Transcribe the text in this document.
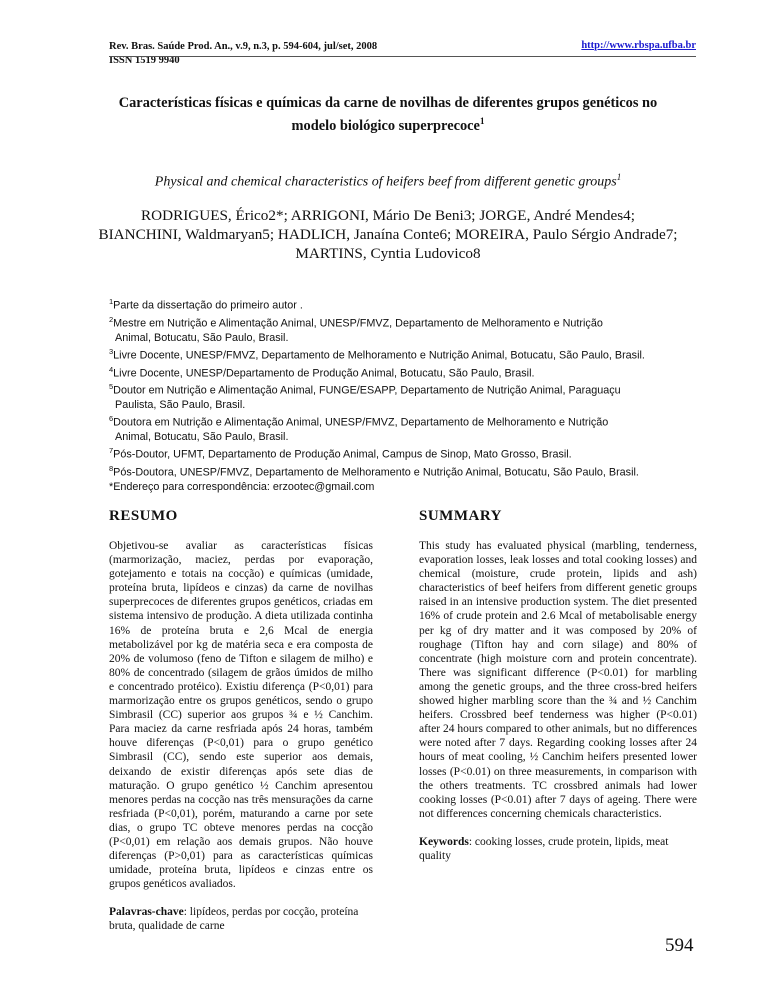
Rev. Bras. Saúde Prod. An., v.9, n.3, p. 594-604, jul/set, 2008
ISSN 1519 9940
http://www.rbspa.ufba.br
Características físicas e químicas da carne de novilhas de diferentes grupos genéticos no modelo biológico superprecoce$^1$
Physical and chemical characteristics of heifers beef from different genetic groups$^1$

RODRIGUES, Érico2*; ARRIGONI, Mário De Beni3; JORGE, André Mendes4;

BIANCHINI, Waldmaryan5; HADLICH, Janaína Conte6; MOREIRA, Paulo Sérgio Andrade7;

MARTINS, Cyntia Ludovico8

$^1$Parte da dissertação do primeiro autor .
$^2$Mestre em Nutrição e Alimentação Animal, UNESP/FMVZ, Departamento de Melhoramento e Nutrição
Animal, Botucatu, São Paulo, Brasil.
$^3$Livre Docente, UNESP/FMVZ, Departamento de Melhoramento e Nutrição Animal, Botucatu, São Paulo, Brasil.
$^4$Livre Docente, UNESP/Departamento de Produção Animal, Botucatu, São Paulo, Brasil.
$^5$Doutor em Nutrição e Alimentação Animal, FUNGE/ESAPP, Departamento de Nutrição Animal, Paraguaçu
Paulista, São Paulo, Brasil.
$^6$Doutora em Nutrição e Alimentação Animal, UNESP/FMVZ, Departamento de Melhoramento e Nutrição
Animal, Botucatu, São Paulo, Brasil.
$^7$Pós-Doutor, UFMT, Departamento de Produção Animal, Campus de Sinop, Mato Grosso, Brasil.
$^8$Pós-Doutora, UNESP/FMVZ, Departamento de Melhoramento e Nutrição Animal, Botucatu, São Paulo, Brasil.
*Endereço para correspondência: erzootec@gmail.com
RESUMO

Objetivou-se avaliar as características físicas (marmorização, maciez, perdas por evaporação, gotejamento e totais na cocção) e químicas (umidade, proteína bruta, lipídeos e cinzas) da carne de novilhas superprecoces de diferentes grupos genéticos, criadas em sistema intensivo de produção. A dieta utilizada continha 16% de proteína bruta e 2,6 Mcal de energia metabolizável por kg de matéria seca e era composta de 20% de volumoso (feno de Tifton e silagem de milho) e 80% de concentrado (silagem de grãos úmidos de milho e concentrado protéico). Existiu diferença (P<0,01) para marmorização entre os grupos genéticos, sendo o grupo Simbrasil (CC) superior aos grupos ¾ e ½ Canchim. Para maciez da carne resfriada após 24 horas, também houve diferenças (P<0,01) para o grupo genético Simbrasil (CC), sendo este superior aos demais, deixando de existir diferenças após sete dias de maturação. O grupo genético ½ Canchim apresentou menores perdas na cocção nas três mensurações da carne resfriada (P<0,01), porém, maturando a carne por sete dias, o grupo TC obteve menores perdas na cocção (P<0,01) em relação aos demais grupos. Não houve diferenças (P>0,01) para as características químicas umidade, proteína bruta, lipídeos e cinzas entre os grupos genéticos avaliados.

Palavras-chave: lipídeos, perdas por cocção, proteína bruta, qualidade de carne
SUMMARY

This study has evaluated physical (marbling, tenderness, evaporation losses, leak losses and total cooking losses) and chemical (moisture, crude protein, lipids and ash) characteristics of beef heifers from different genetic groups raised in an intensive production system. The diet presented 16% of crude protein and 2.6 Mcal of metabolisable energy per kg of dry matter and it was composed by 20% of roughage (Tifton hay and corn silage) and 80% of concentrate (high moisture corn and protein concentrate). There was significant difference (P<0.01) for marbling among the genetic groups, and the three cross-bred heifers showed higher marbling score than the ¾ and ½ Canchim heifers. Crossbred beef tenderness was higher (P<0.01) after 24 hours compared to other animals, but no differences were noted after 7 days. Regarding cooking losses after 24 hours of meat cooling, ½ Canchim heifers presented lower losses (P<0.01) on three measurements, in comparison with the others treatments. TC crossbred animals had lower cooking losses (P<0.01) after 7 days of ageing. There were not differences concerning chemicals characteristics.

Keywords: cooking losses, crude protein, lipids, meat quality
594
